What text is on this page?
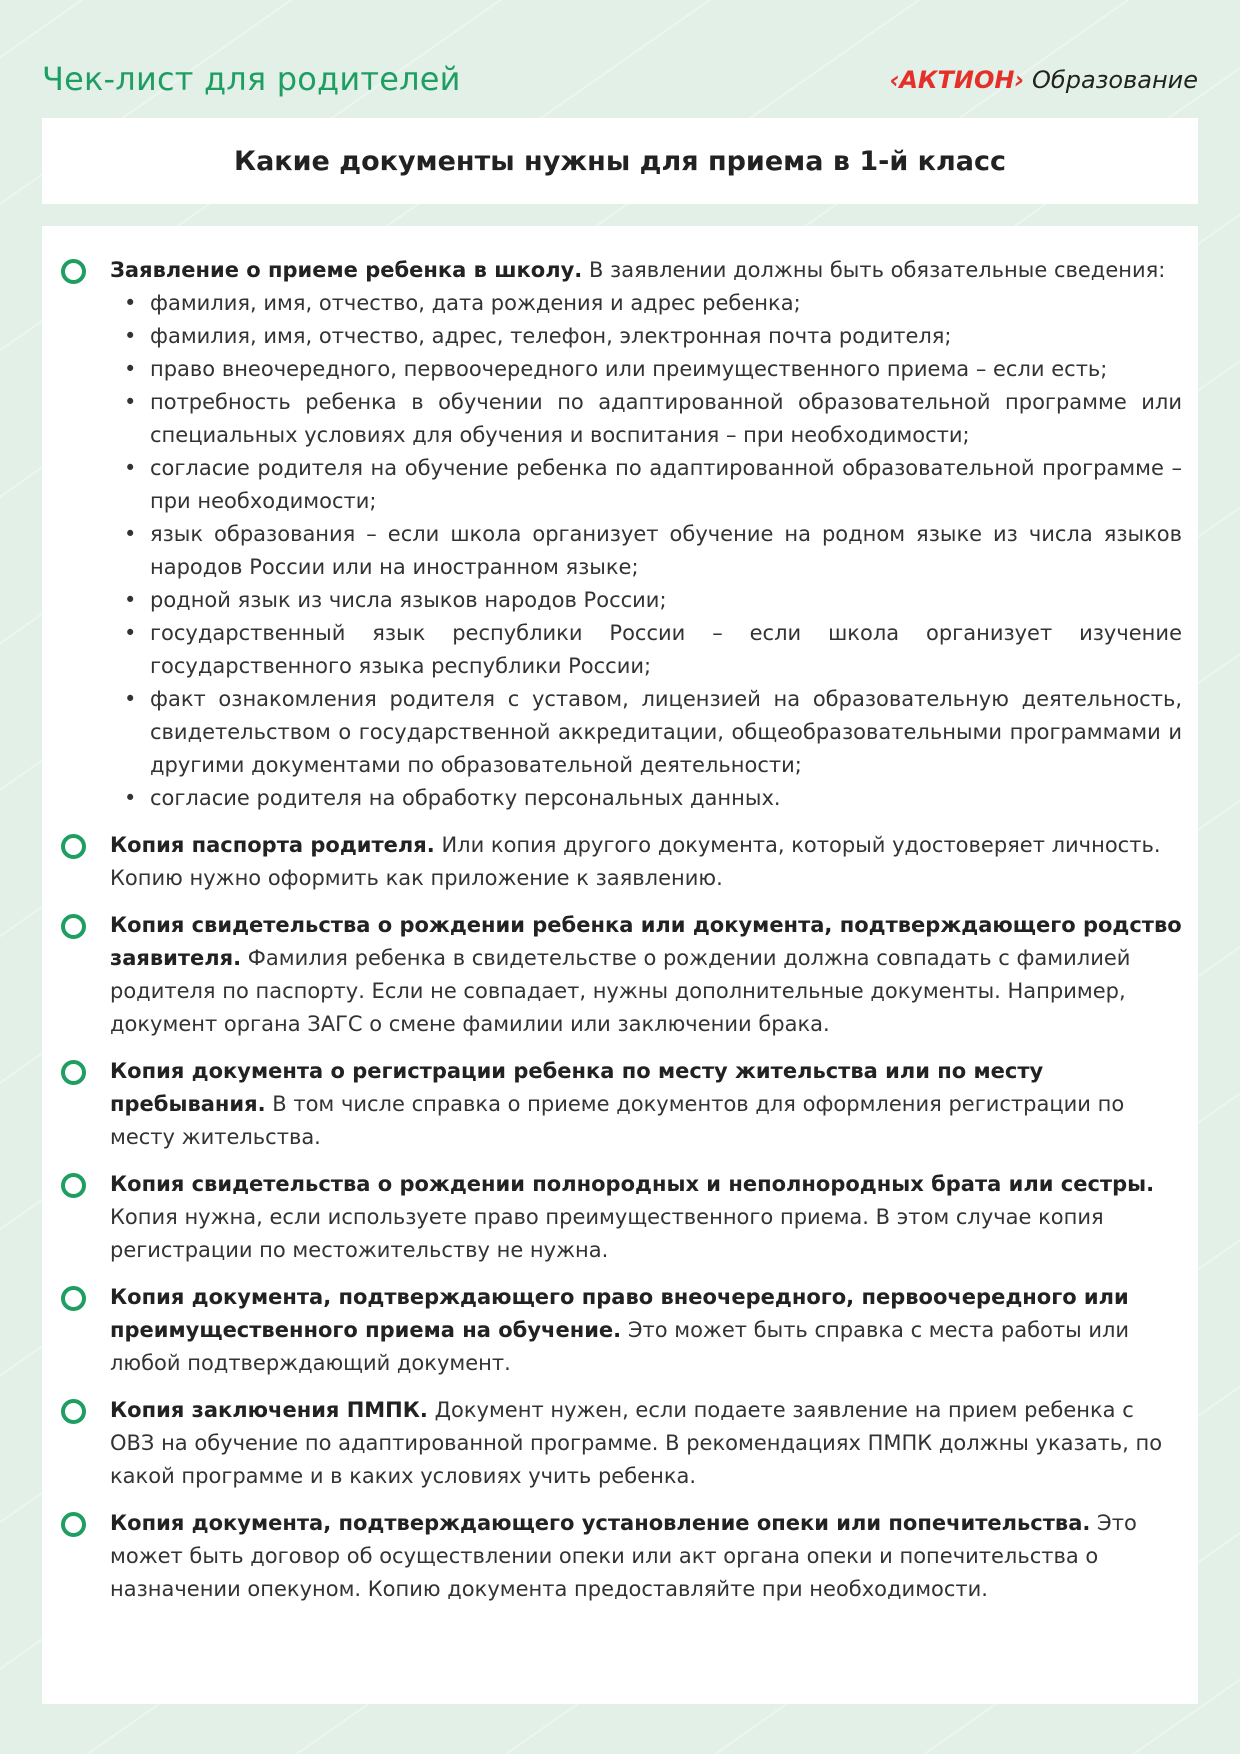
Чек-лист для родителей	‹АКТИОН› Образование
Какие документы нужны для приема в 1-й класс
Заявление о приеме ребенка в школу. В заявлении должны быть обязательные сведения:
• фамилия, имя, отчество, дата рождения и адрес ребенка;
• фамилия, имя, отчество, адрес, телефон, электронная почта родителя;
• право внеочередного, первоочередного или преимущественного приема – если есть;
• потребность ребенка в обучении по адаптированной образовательной программе или специальных условиях для обучения и воспитания – при необходимости;
• согласие родителя на обучение ребенка по адаптированной образовательной программе – при необходимости;
• язык образования – если школа организует обучение на родном языке из числа языков народов России или на иностранном языке;
• родной язык из числа языков народов России;
• государственный язык республики России – если школа организует изучение государственного языка республики России;
• факт ознакомления родителя с уставом, лицензией на образовательную деятельность, свидетельством о государственной аккредитации, общеобразовательными программами и другими документами по образовательной деятельности;
• согласие родителя на обработку персональных данных.
Копия паспорта родителя. Или копия другого документа, который удостоверяет личность. Копию нужно оформить как приложение к заявлению.
Копия свидетельства о рождении ребенка или документа, подтверждающего родство заявителя. Фамилия ребенка в свидетельстве о рождении должна совпадать с фамилией родителя по паспорту. Если не совпадает, нужны дополнительные документы. Например, документ органа ЗАГС о смене фамилии или заключении брака.
Копия документа о регистрации ребенка по месту жительства или по месту пребывания. В том числе справка о приеме документов для оформления регистрации по месту жительства.
Копия свидетельства о рождении полнородных и неполнородных брата или сестры. Копия нужна, если используете право преимущественного приема. В этом случае копия регистрации по местожительству не нужна.
Копия документа, подтверждающего право внеочередного, первоочередного или преимущественного приема на обучение. Это может быть справка с места работы или любой подтверждающий документ.
Копия заключения ПМПК. Документ нужен, если подаете заявление на прием ребенка с ОВЗ на обучение по адаптированной программе. В рекомендациях ПМПК должны указать, по какой программе и в каких условиях учить ребенка.
Копия документа, подтверждающего установление опеки или попечительства. Это может быть договор об осуществлении опеки или акт органа опеки и попечительства о назначении опекуном. Копию документа предоставляйте при необходимости.
